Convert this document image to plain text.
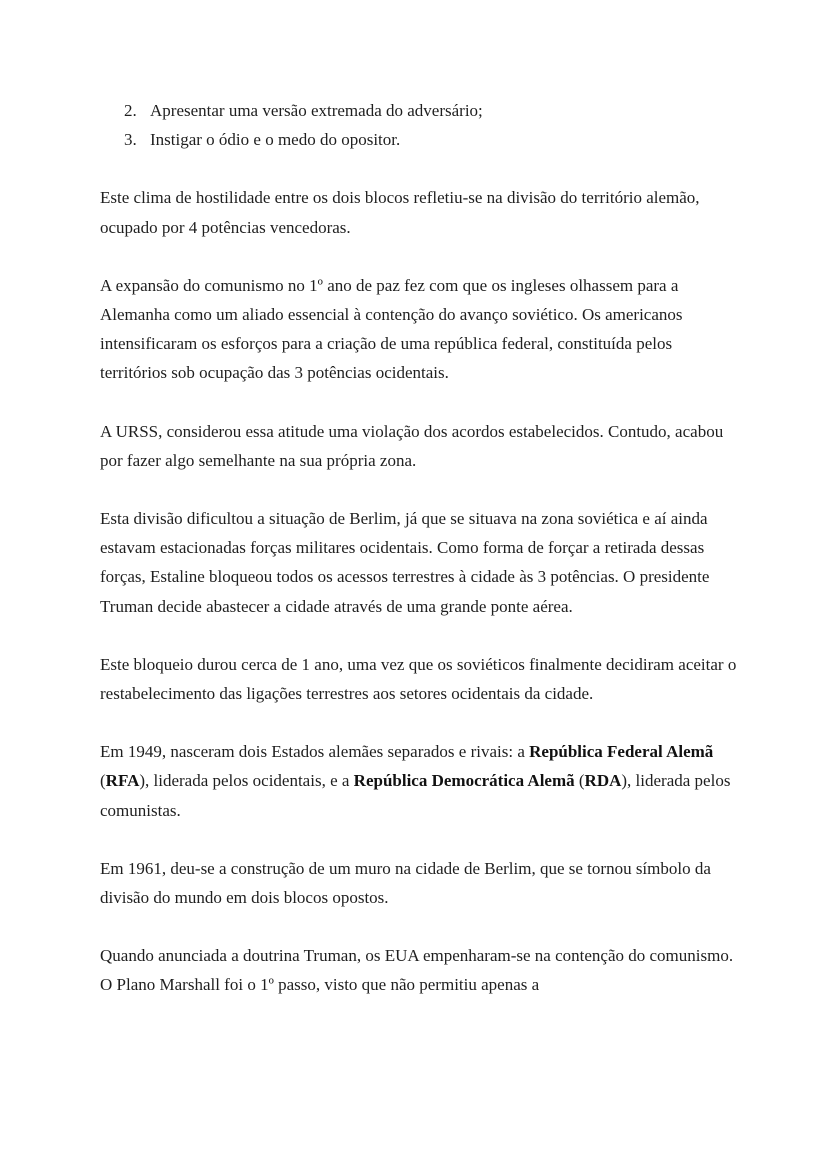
2. Apresentar uma versão extremada do adversário;
3. Instigar o ódio e o medo do opositor.

Este clima de hostilidade entre os dois blocos refletiu-se na divisão do território alemão, ocupado por 4 potências vencedoras.

A expansão do comunismo no 1º ano de paz fez com que os ingleses olhassem para a Alemanha como um aliado essencial à contenção do avanço soviético. Os americanos intensificaram os esforços para a criação de uma república federal, constituída pelos territórios sob ocupação das 3 potências ocidentais.

A URSS, considerou essa atitude uma violação dos acordos estabelecidos. Contudo, acabou por fazer algo semelhante na sua própria zona.

Esta divisão dificultou a situação de Berlim, já que se situava na zona soviética e aí ainda estavam estacionadas forças militares ocidentais. Como forma de forçar a retirada dessas forças, Estaline bloqueou todos os acessos terrestres à cidade às 3 potências. O presidente Truman decide abastecer a cidade através de uma grande ponte aérea.

Este bloqueio durou cerca de 1 ano, uma vez que os soviéticos finalmente decidiram aceitar o restabelecimento das ligações terrestres aos setores ocidentais da cidade.

Em 1949, nasceram dois Estados alemães separados e rivais: a República Federal Alemã (RFA), liderada pelos ocidentais, e a República Democrática Alemã (RDA), liderada pelos comunistas.

Em 1961, deu-se a construção de um muro na cidade de Berlim, que se tornou símbolo da divisão do mundo em dois blocos opostos.

Quando anunciada a doutrina Truman, os EUA empenharam-se na contenção do comunismo. O Plano Marshall foi o 1º passo, visto que não permitiu apenas a
